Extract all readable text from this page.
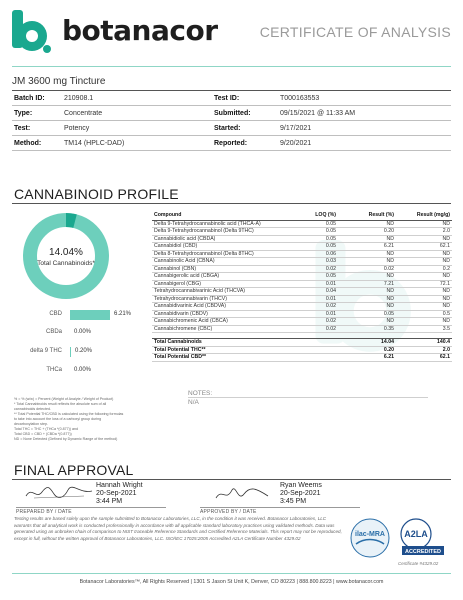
botanacor	CERTIFICATE OF ANALYSIS
JM 3600 mg Tincture
Batch ID:	210908.1	Test ID:	T000163553
Type:	Concentrate	Submitted:	09/15/2021 @ 11:33 AM
Test:	Potency	Started:	9/17/2021
Method:	TM14 (HPLC-DAD)	Reported:	9/20/2021
CANNABINOID PROFILE
14.04%
Total Cannabinoids*
CBD	6.21%
CBDa 0.00%
delta 9 THC 0.20%
THCa 0.00%
% = % (w/w) = Percent (Weight of Analyte / Weight of Product)
* Total Cannabinoids result reflects the absolute sum of all
cannabinoids detected.
** Total Potential THC/CBD is calculated using the following formulas
to take into account the loss of a carboxyl group during
decarboxylation step.
Total THC = THC + (THCa *(0.877)) and
Total CBD = CBD + (CBDa *(0.877))
ND = None Detected (Defined by Dynamic Range of the method)
Compound	LOQ (%)	Result (%)	Result (mg/g)
Delta 9-Tetrahydrocannabinolic acid (THCA-A)	0.05	ND	ND
Delta 9-Tetrahydrocannabinol (Delta 9THC)	0.05	0.20	2.0
Cannabidiolic acid (CBDA)	0.05	ND	ND
Cannabidiol (CBD)	0.05	6.21	62.1
Delta 8-Tetrahydrocannabinol (Delta 8THC)	0.06	ND	ND
Cannabinolic Acid (CBNA)	0.03	ND	ND
Cannabinol (CBN)	0.02	0.02	0.2
Cannabigerolic acid (CBGA)	0.05	ND	ND
Cannabigerol (CBG)	0.01	7.21	72.1
Tetrahydrocannabivarinic Acid (THCVA)	0.04	ND	ND
Tetrahydrocannabivarin (THCV)	0.01	ND	ND
Cannabidivarinic Acid (CBDVA)	0.02	ND	ND
Cannabidivarin (CBDV)	0.01	0.05	0.5
Cannabichromenic Acid (CBCA)	0.02	ND	ND
Cannabichromene (CBC)	0.02	0.35	3.5

Total Cannabinoids		14.04	140.4
Total Potential THC**		0.20	2.0
Total Potential CBD**		6.21	62.1
NOTES:
N/A
FINAL APPROVAL
Hannah Wright
20-Sep-2021
3:44 PM
PREPARED BY / DATE
Ryan Weems
20-Sep-2021
3:45 PM
APPROVED BY / DATE
Testing results are based solely upon the sample submitted to Botanacor Laboratories, LLC, in the condition it was received. Botanacor Laboratories, LLC warrants that all analytical work is conducted professionally in accordance with all applicable standard laboratory practices using validated methods. Data was generated using an unbroken chain of comparison to NIST traceable Reference Standards and Certified Reference Materials. This report may not be reproduced, except in full, without the written approval of Botanacor Laboratories, LLC. ISO/IEC 17025:2005 Accredited A2LA Certificate Number 4329.02	ilac-MRA A2LA
ACCREDITED
Certificate #4329.02
Botanacor Laboratories™, All Rights Reserved | 1301 S Jason St Unit K, Denver, CO 80223 | 888.800.8223 | www.botanacor.com
